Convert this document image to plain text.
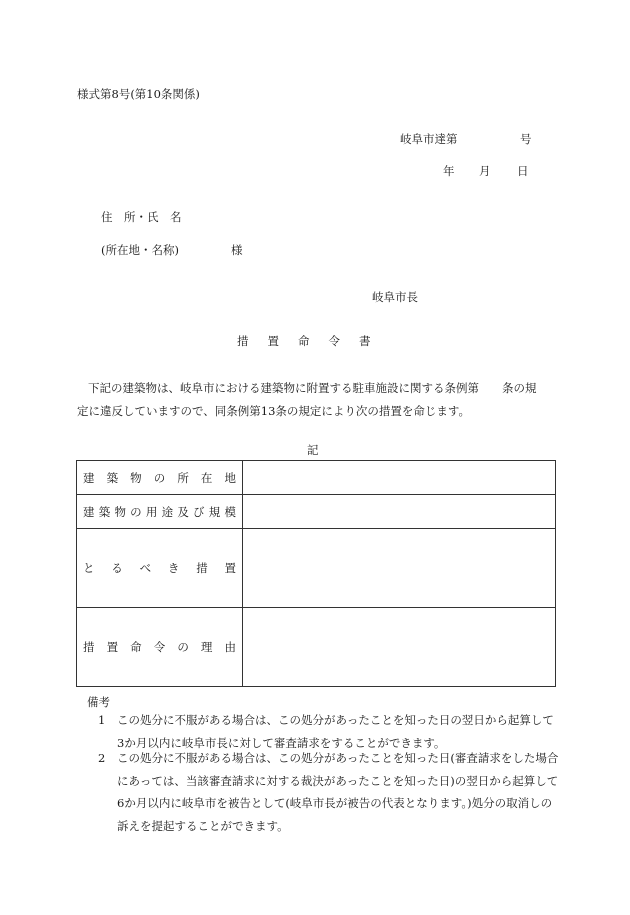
様式第8号(第10条関係)
岐阜市達第	号
年 月 日
住　所・氏　名
(所在地・名称)	様
岐阜市長
措 置 命 令 書

下記の建築物は、岐阜市における建築物に附置する駐車施設に関する条例第　　条の規

定に違反していますので、同条例第13条の規定により次の措置を命じます。

記
建築物の所在地	
建築物の用途及び規模	
とるべき措置	
措置命令の理由	
備考
1	この処分に不服がある場合は、この処分があったことを知った日の翌日から起算して3か月以内に岐阜市長に対して審査請求をすることができます。
2	この処分に不服がある場合は、この処分があったことを知った日(審査請求をした場合にあっては、当該審査請求に対する裁決があったことを知った日)の翌日から起算して6か月以内に岐阜市を被告として(岐阜市長が被告の代表となります。)処分の取消しの訴えを提起することができます。
